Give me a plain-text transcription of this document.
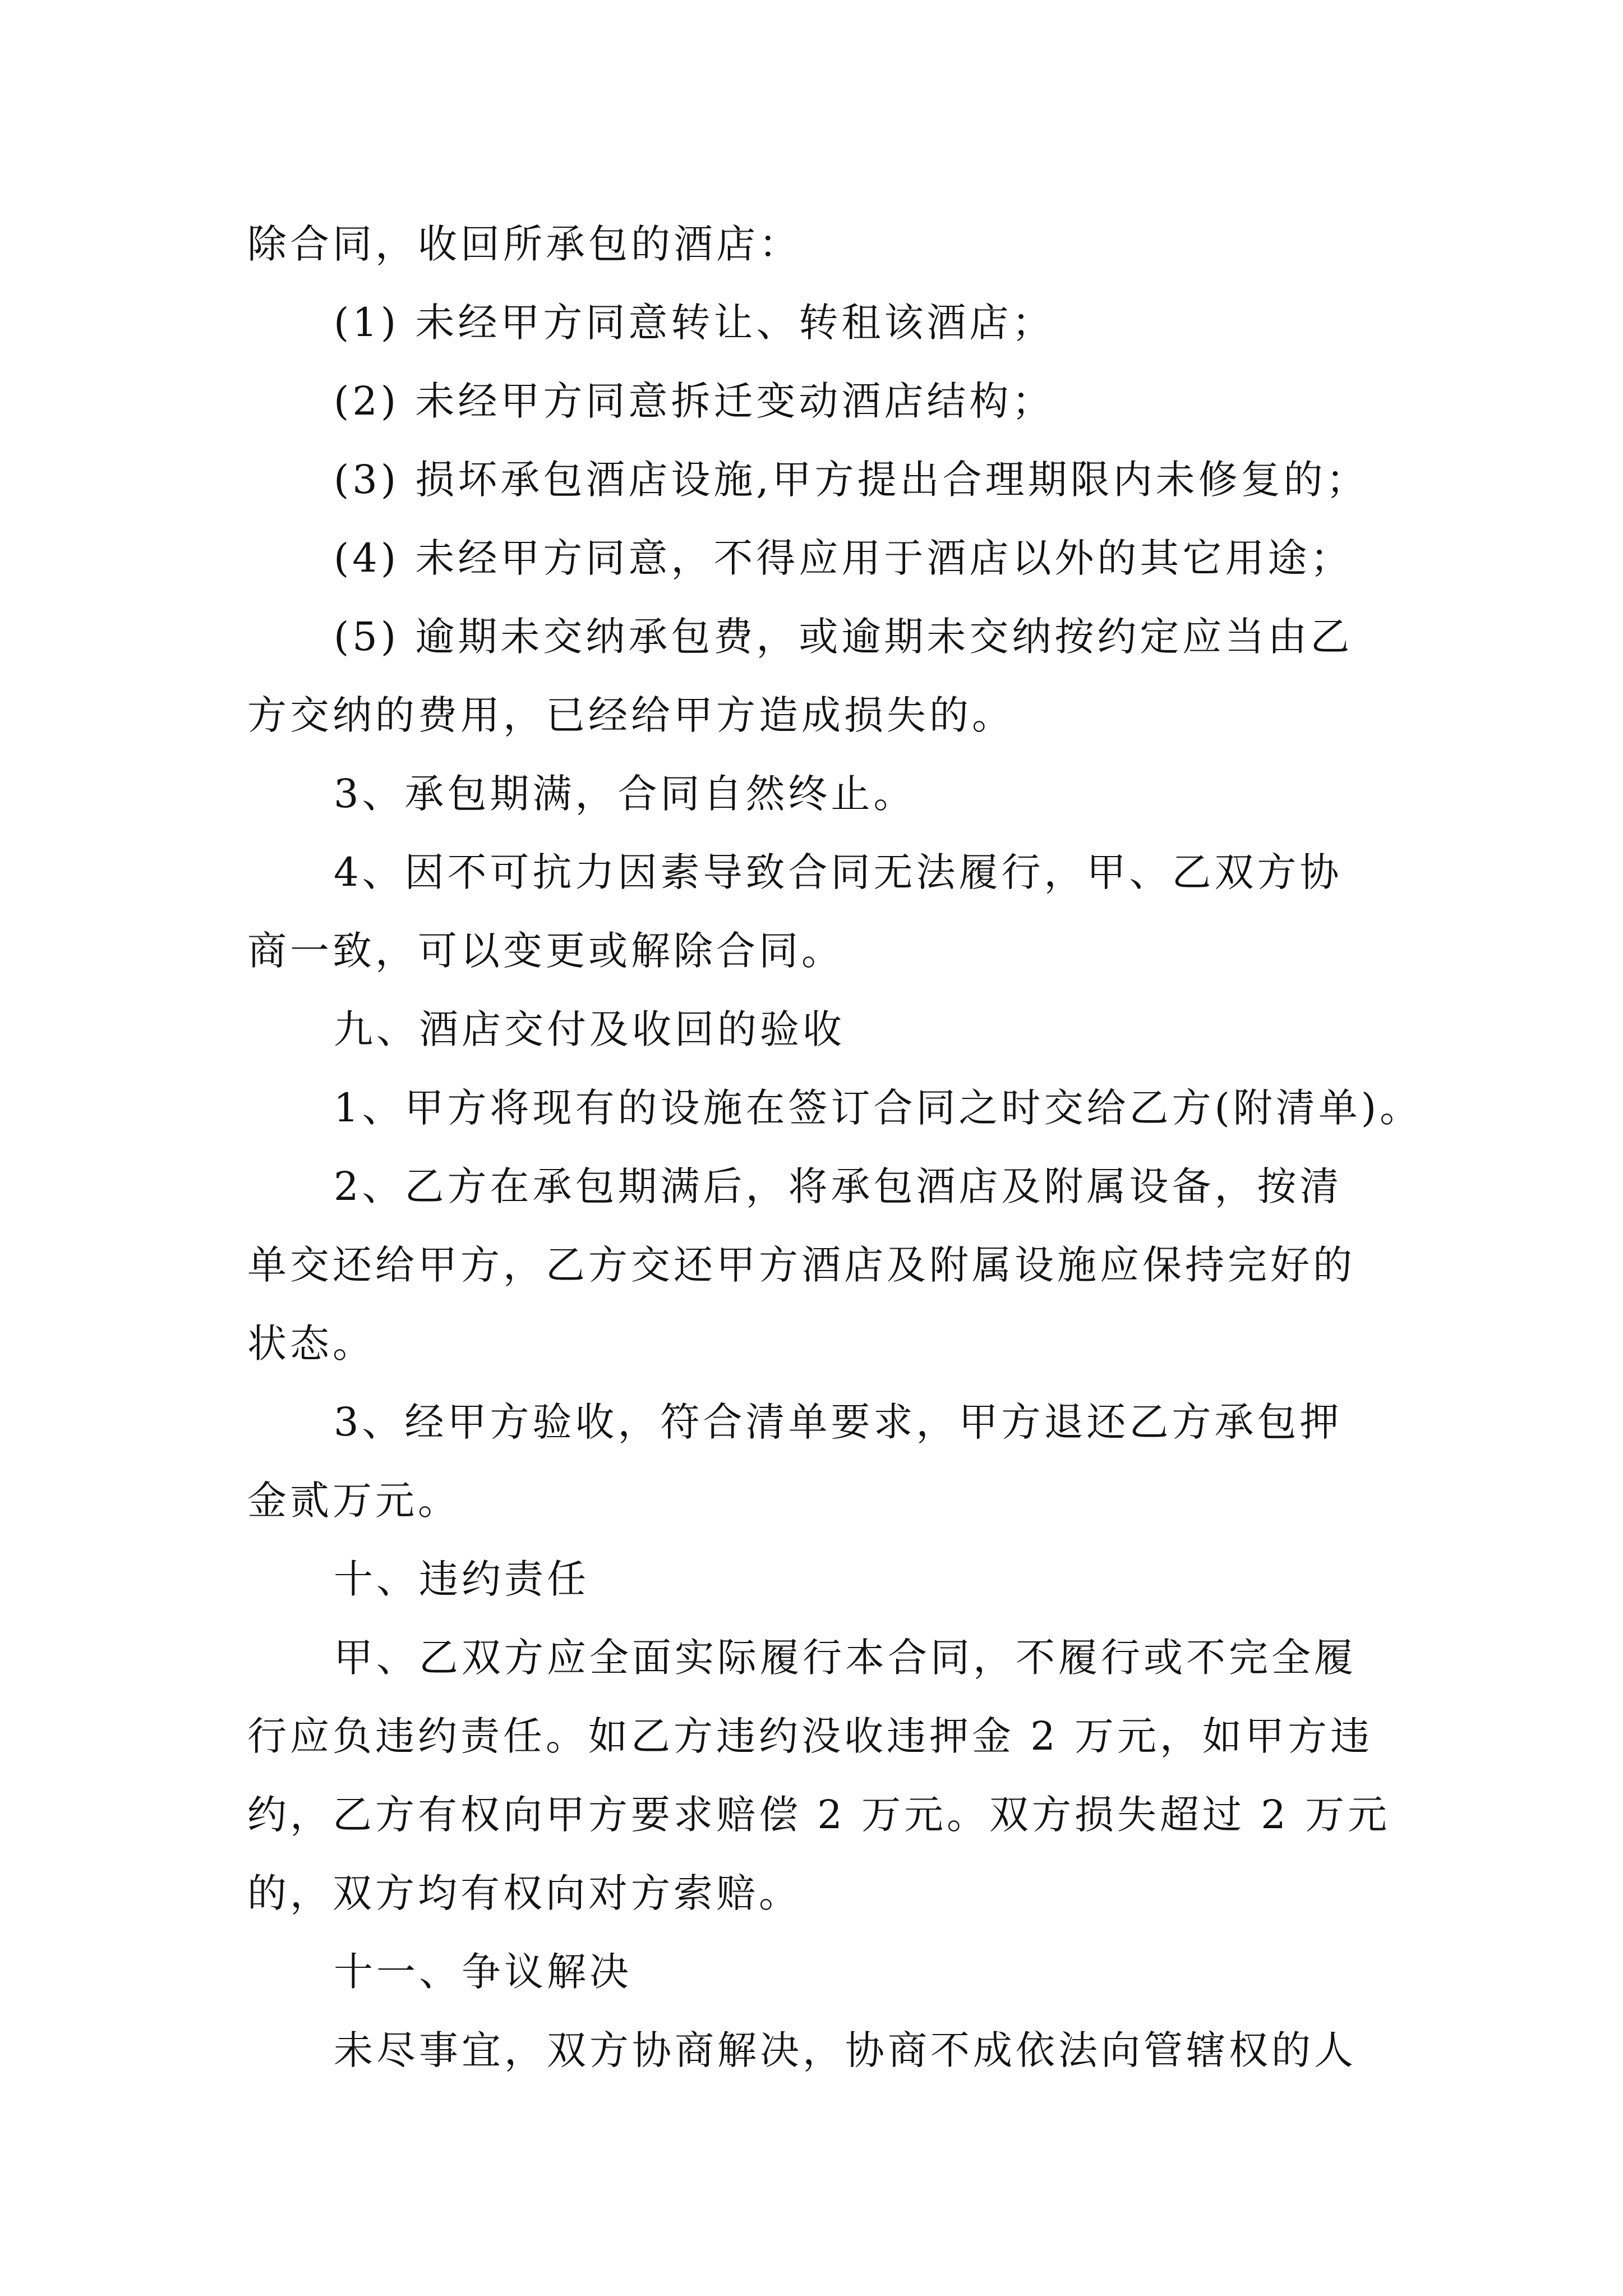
除合同，收回所承包的酒店：
(1) 未经甲方同意转让、转租该酒店；
(2) 未经甲方同意拆迁变动酒店结构；
(3) 损坏承包酒店设施,甲方提出合理期限内未修复的；
(4) 未经甲方同意，不得应用于酒店以外的其它用途；
(5) 逾期未交纳承包费，或逾期未交纳按约定应当由乙
方交纳的费用，已经给甲方造成损失的。
3、承包期满，合同自然终止。
4、因不可抗力因素导致合同无法履行，甲、乙双方协
商一致，可以变更或解除合同。
九、酒店交付及收回的验收
1、甲方将现有的设施在签订合同之时交给乙方(附清单)。
2、乙方在承包期满后，将承包酒店及附属设备，按清
单交还给甲方，乙方交还甲方酒店及附属设施应保持完好的
状态。
3、经甲方验收，符合清单要求，甲方退还乙方承包押
金贰万元。
十、违约责任
甲、乙双方应全面实际履行本合同，不履行或不完全履
行应负违约责任。如乙方违约没收违押金 2 万元，如甲方违
约，乙方有权向甲方要求赔偿 2 万元。双方损失超过 2 万元
的，双方均有权向对方索赔。
十一、争议解决
未尽事宜，双方协商解决，协商不成依法向管辖权的人
